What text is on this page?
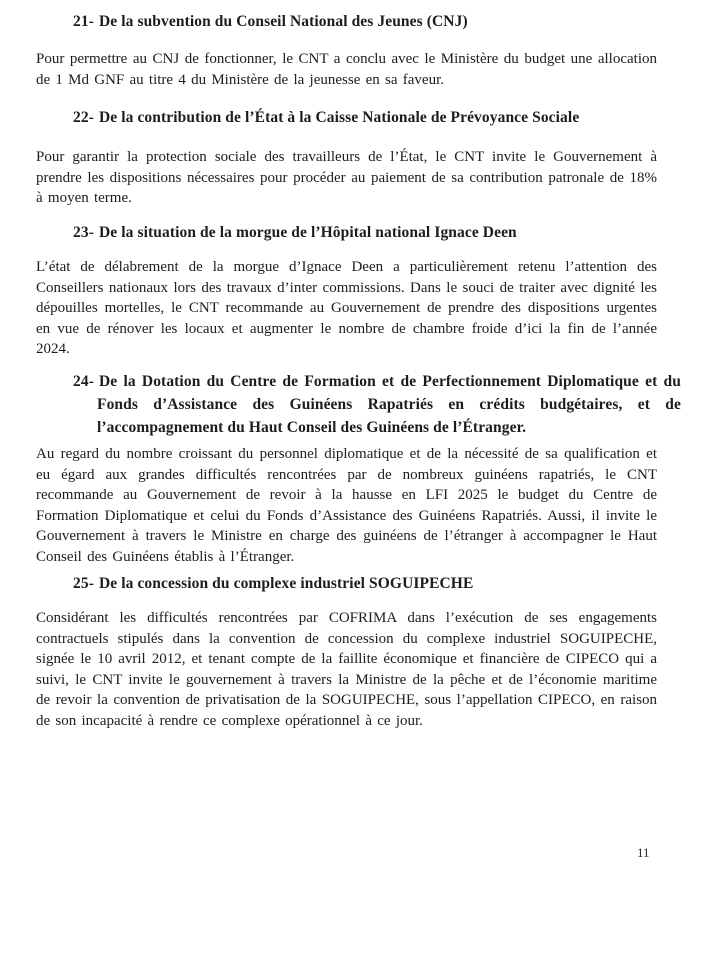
21- De la subvention du Conseil National des Jeunes (CNJ)

Pour permettre au CNJ de fonctionner, le CNT a conclu avec le Ministère du budget une allocation de 1 Md GNF au titre 4 du Ministère de la jeunesse en sa faveur.

22- De la contribution de l’État à la Caisse Nationale de Prévoyance Sociale

Pour garantir la protection sociale des travailleurs de l’État, le CNT invite le Gouvernement à prendre les dispositions nécessaires pour procéder au paiement de sa contribution patronale de 18% à moyen terme.

23- De la situation de la morgue de l’Hôpital national Ignace Deen

L’état de délabrement de la morgue d’Ignace Deen a particulièrement retenu l’attention des Conseillers nationaux lors des travaux d’inter commissions. Dans le souci de traiter avec dignité les dépouilles mortelles, le CNT recommande au Gouvernement de prendre des dispositions urgentes en vue de rénover les locaux et augmenter le nombre de chambre froide d’ici la fin de l’année 2024.

24- De la Dotation du Centre de Formation et de Perfectionnement Diplomatique et du Fonds d’Assistance des Guinéens Rapatriés en crédits budgétaires, et de l’accompagnement du Haut Conseil des Guinéens de l’Étranger.

Au regard du nombre croissant du personnel diplomatique et de la nécessité de sa qualification et eu égard aux grandes difficultés rencontrées par de nombreux guinéens rapatriés, le CNT recommande au Gouvernement de revoir à la hausse en LFI 2025 le budget du Centre de Formation Diplomatique et celui du Fonds d’Assistance des Guinéens Rapatriés. Aussi, il invite le Gouvernement à travers le Ministre en charge des guinéens de l’étranger à accompagner le Haut Conseil des Guinéens établis à l’Étranger.

25- De la concession du complexe industriel SOGUIPECHE

Considérant les difficultés rencontrées par COFRIMA dans l’exécution de ses engagements contractuels stipulés dans la convention de concession du complexe industriel SOGUIPECHE, signée le 10 avril 2012, et tenant compte de la faillite économique et financière de CIPECO qui a suivi, le CNT invite le gouvernement à travers la Ministre de la pêche et de l’économie maritime de revoir la convention de privatisation de la SOGUIPECHE, sous l’appellation CIPECO, en raison de son incapacité à rendre ce complexe opérationnel à ce jour.

11
